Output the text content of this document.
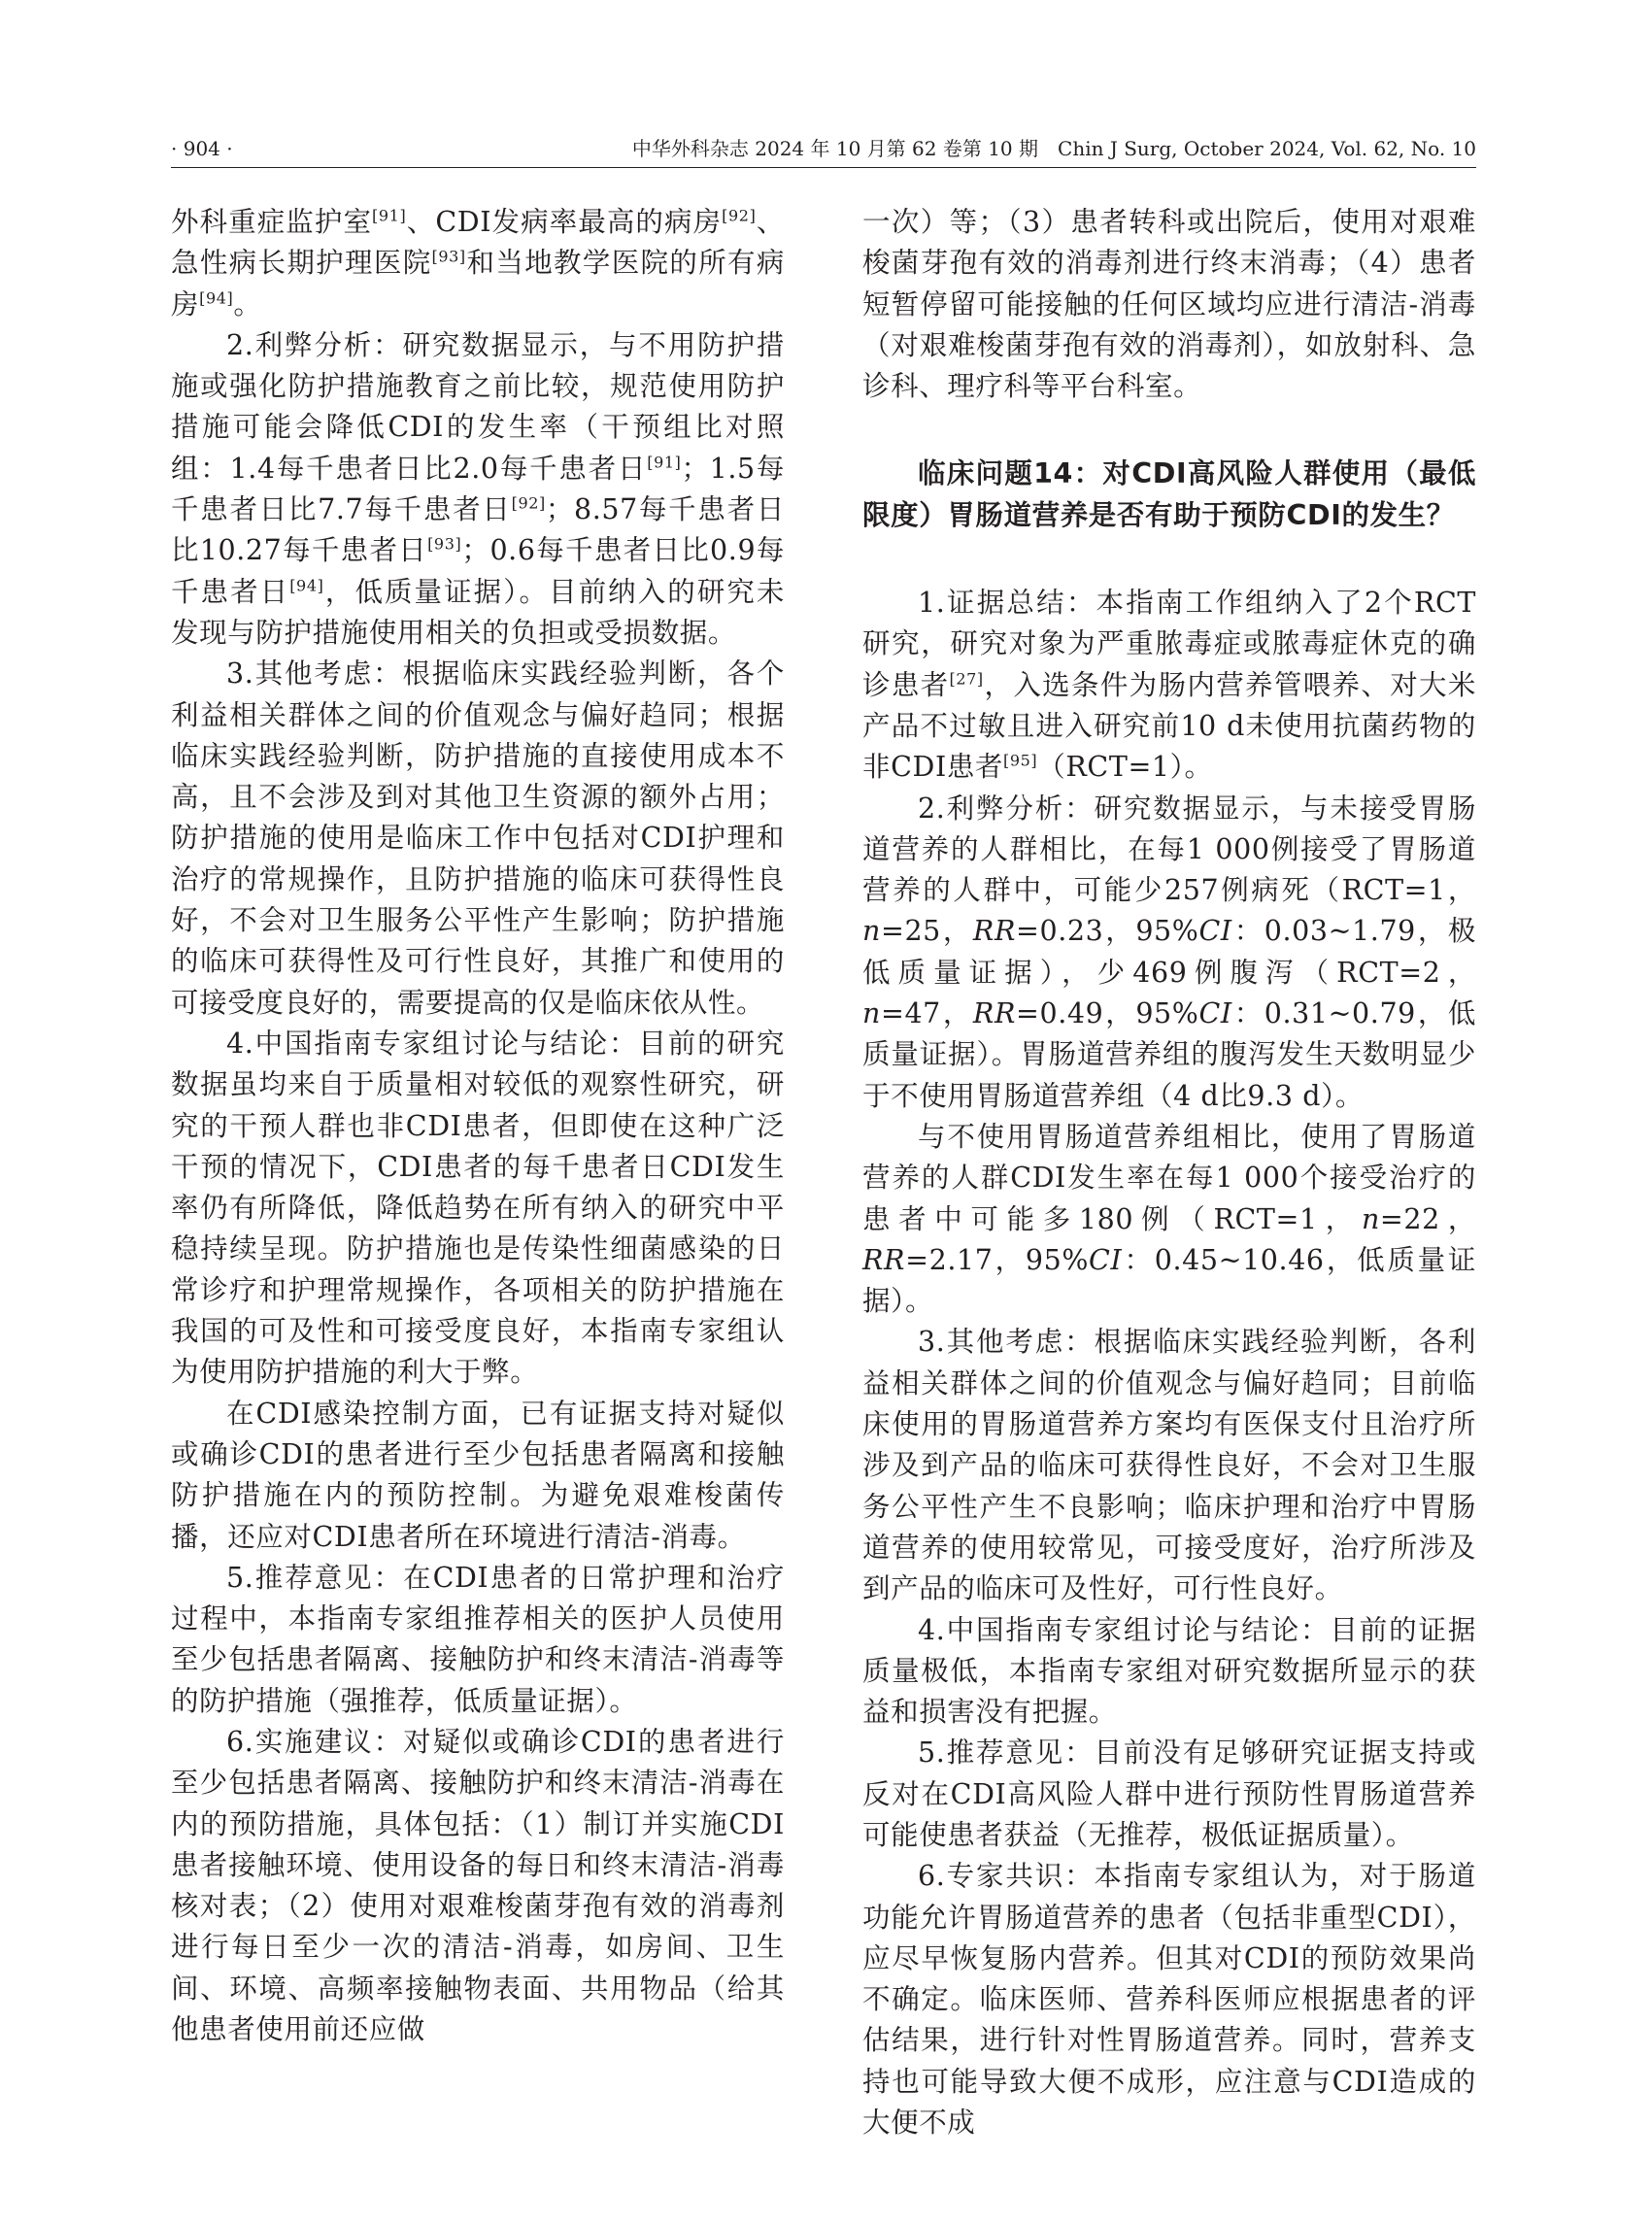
· 904 ·	中华外科杂志 2024 年 10 月第 62 卷第 10 期　Chin J Surg, October 2024, Vol. 62, No. 10

外科重症监护室[91]、CDI发病率最高的病房[92]、急性病长期护理医院[93]和当地教学医院的所有病房[94]。

2.利弊分析：研究数据显示，与不用防护措施或强化防护措施教育之前比较，规范使用防护措施可能会降低CDI的发生率（干预组比对照组：1.4每千患者日比2.0每千患者日[91]；1.5每千患者日比7.7每千患者日[92]；8.57每千患者日比10.27每千患者日[93]；0.6每千患者日比0.9每千患者日[94]，低质量证据）。目前纳入的研究未发现与防护措施使用相关的负担或受损数据。

3.其他考虑：根据临床实践经验判断，各个利益相关群体之间的价值观念与偏好趋同；根据临床实践经验判断，防护措施的直接使用成本不高，且不会涉及到对其他卫生资源的额外占用；防护措施的使用是临床工作中包括对CDI护理和治疗的常规操作，且防护措施的临床可获得性良好，不会对卫生服务公平性产生影响；防护措施的临床可获得性及可行性良好，其推广和使用的可接受度良好的，需要提高的仅是临床依从性。

4.中国指南专家组讨论与结论：目前的研究数据虽均来自于质量相对较低的观察性研究，研究的干预人群也非CDI患者，但即使在这种广泛干预的情况下，CDI患者的每千患者日CDI发生率仍有所降低，降低趋势在所有纳入的研究中平稳持续呈现。防护措施也是传染性细菌感染的日常诊疗和护理常规操作，各项相关的防护措施在我国的可及性和可接受度良好，本指南专家组认为使用防护措施的利大于弊。

在CDI感染控制方面，已有证据支持对疑似或确诊CDI的患者进行至少包括患者隔离和接触防护措施在内的预防控制。为避免艰难梭菌传播，还应对CDI患者所在环境进行清洁-消毒。

5.推荐意见：在CDI患者的日常护理和治疗过程中，本指南专家组推荐相关的医护人员使用至少包括患者隔离、接触防护和终末清洁-消毒等的防护措施（强推荐，低质量证据）。

6.实施建议：对疑似或确诊CDI的患者进行至少包括患者隔离、接触防护和终末清洁-消毒在内的预防措施，具体包括：（1）制订并实施CDI患者接触环境、使用设备的每日和终末清洁-消毒核对表；（2）使用对艰难梭菌芽孢有效的消毒剂进行每日至少一次的清洁-消毒，如房间、卫生间、环境、高频率接触物表面、共用物品（给其他患者使用前还应做

一次）等；（3）患者转科或出院后，使用对艰难梭菌芽孢有效的消毒剂进行终末消毒；（4）患者短暂停留可能接触的任何区域均应进行清洁-消毒（对艰难梭菌芽孢有效的消毒剂），如放射科、急诊科、理疗科等平台科室。

临床问题14：对CDI高风险人群使用（最低限度）胃肠道营养是否有助于预防CDI的发生？

1.证据总结：本指南工作组纳入了2个RCT研究，研究对象为严重脓毒症或脓毒症休克的确诊患者[27]，入选条件为肠内营养管喂养、对大米产品不过敏且进入研究前10 d未使用抗菌药物的非CDI患者[95]（RCT=1）。

2.利弊分析：研究数据显示，与未接受胃肠道营养的人群相比，在每1 000例接受了胃肠道营养的人群中，可能少257例病死（RCT=1，n=25，RR=0.23，95%CI：0.03~1.79，极低质量证据），少469例腹泻（RCT=2，n=47，RR=0.49，95%CI：0.31~0.79，低质量证据）。胃肠道营养组的腹泻发生天数明显少于不使用胃肠道营养组（4 d比9.3 d）。

与不使用胃肠道营养组相比，使用了胃肠道营养的人群CDI发生率在每1 000个接受治疗的患者中可能多180例（RCT=1，n=22，RR=2.17，95%CI：0.45~10.46，低质量证据）。

3.其他考虑：根据临床实践经验判断，各利益相关群体之间的价值观念与偏好趋同；目前临床使用的胃肠道营养方案均有医保支付且治疗所涉及到产品的临床可获得性良好，不会对卫生服务公平性产生不良影响；临床护理和治疗中胃肠道营养的使用较常见，可接受度好，治疗所涉及到产品的临床可及性好，可行性良好。

4.中国指南专家组讨论与结论：目前的证据质量极低，本指南专家组对研究数据所显示的获益和损害没有把握。

5.推荐意见：目前没有足够研究证据支持或反对在CDI高风险人群中进行预防性胃肠道营养可能使患者获益（无推荐，极低证据质量）。

6.专家共识：本指南专家组认为，对于肠道功能允许胃肠道营养的患者（包括非重型CDI），应尽早恢复肠内营养。但其对CDI的预防效果尚不确定。临床医师、营养科医师应根据患者的评估结果，进行针对性胃肠道营养。同时，营养支持也可能导致大便不成形，应注意与CDI造成的大便不成
